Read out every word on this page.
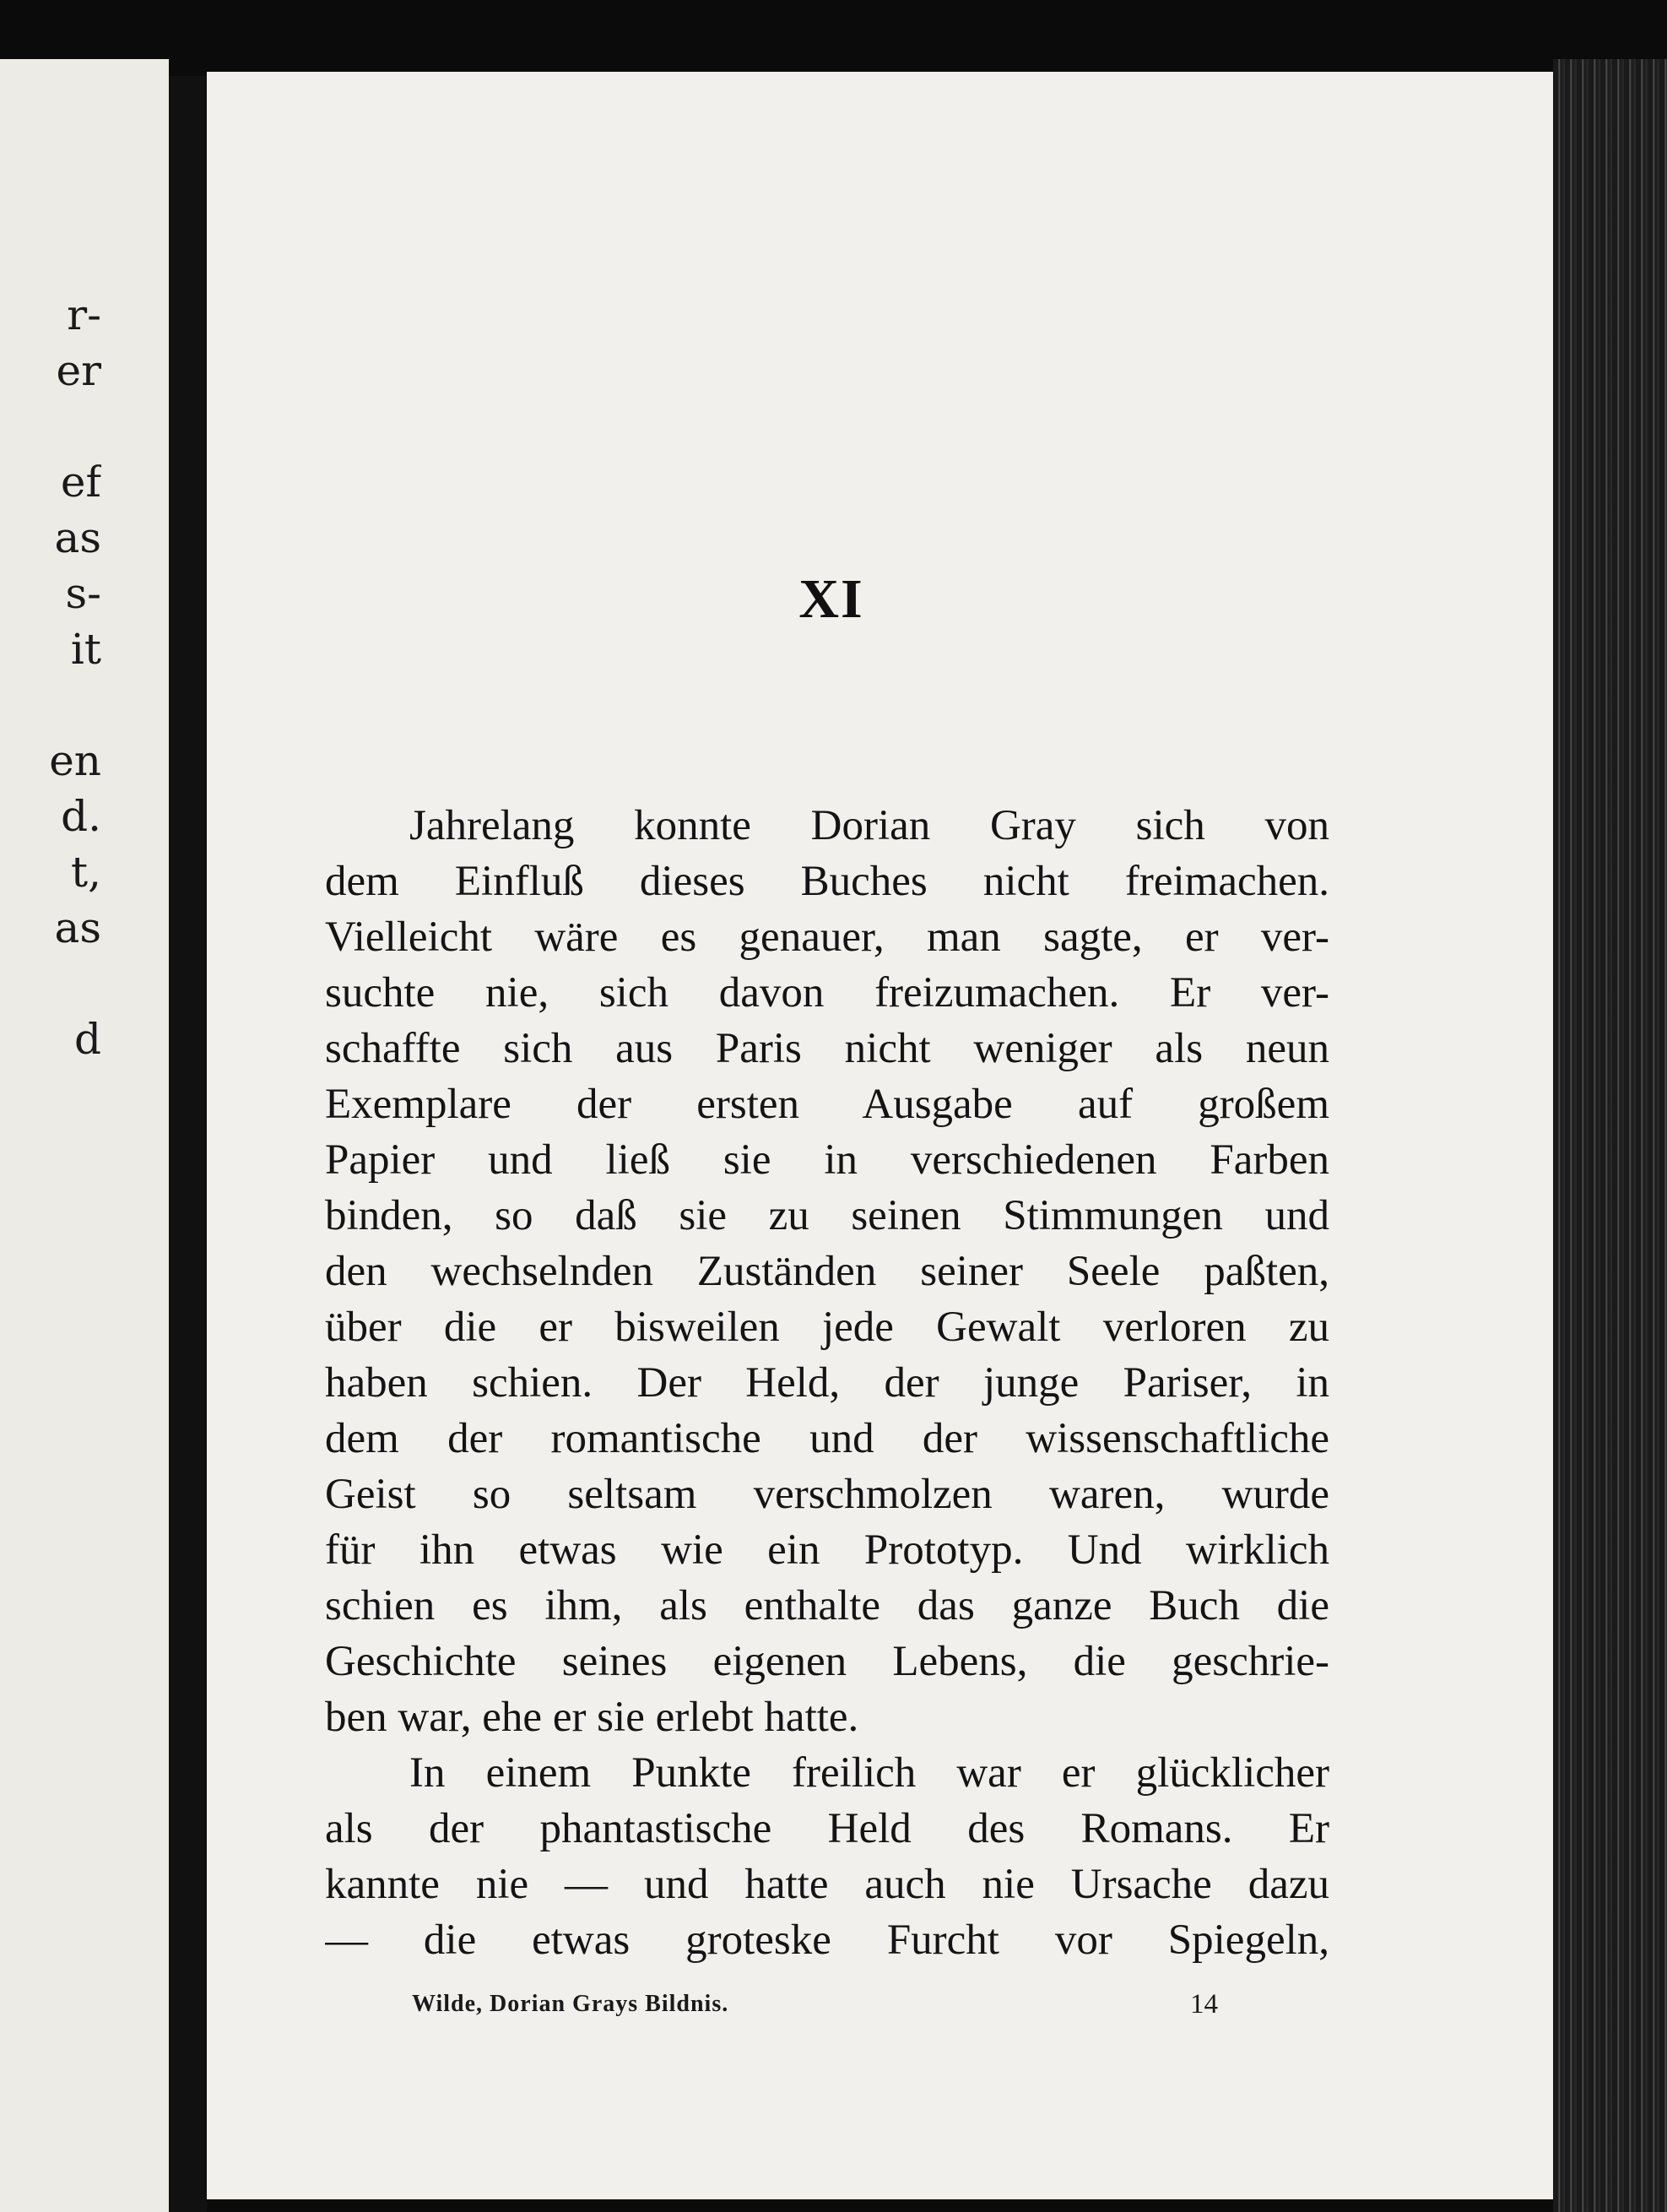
r-
er
ef
as
s-
it
en
d.
t,
as
d
XI
Jahrelang konnte Dorian Gray sich von
dem Einfluß dieses Buches nicht freimachen.
Vielleicht wäre es genauer, man sagte, er ver-
suchte nie, sich davon freizumachen. Er ver-
schaffte sich aus Paris nicht weniger als neun
Exemplare der ersten Ausgabe auf großem
Papier und ließ sie in verschiedenen Farben
binden, so daß sie zu seinen Stimmungen und
den wechselnden Zuständen seiner Seele paßten,
über die er bisweilen jede Gewalt verloren zu
haben schien. Der Held, der junge Pariser, in
dem der romantische und der wissenschaftliche
Geist so seltsam verschmolzen waren, wurde
für ihn etwas wie ein Prototyp. Und wirklich
schien es ihm, als enthalte das ganze Buch die
Geschichte seines eigenen Lebens, die geschrie-
ben war, ehe er sie erlebt hatte.
In einem Punkte freilich war er glücklicher
als der phantastische Held des Romans. Er
kannte nie — und hatte auch nie Ursache dazu
— die etwas groteske Furcht vor Spiegeln,
Wilde, Dorian Grays Bildnis.	14
